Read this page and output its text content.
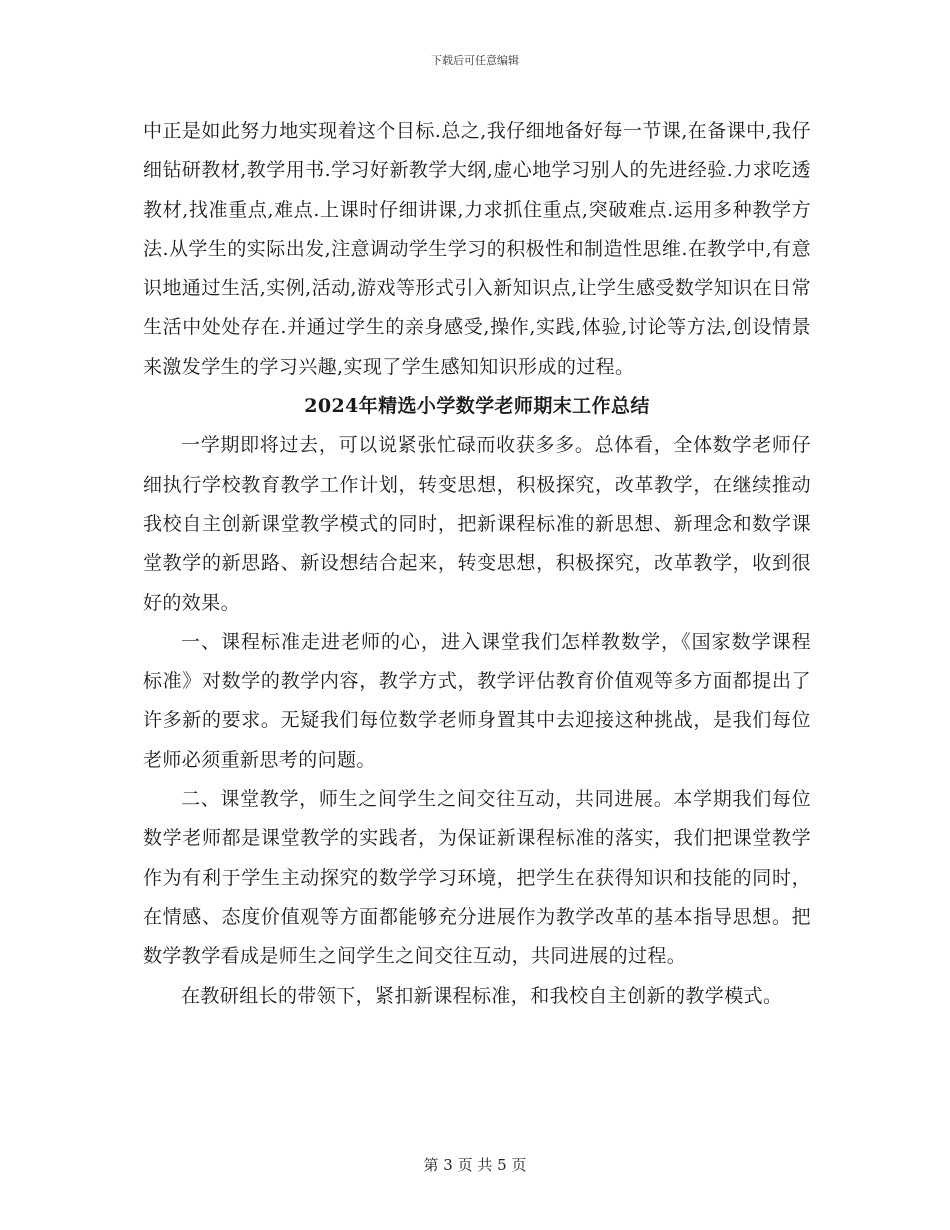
下载后可任意编辑

中正是如此努力地实现着这个目标.总之,我仔细地备好每一节课,在备课中,我仔细钻研教材,教学用书.学习好新教学大纲,虚心地学习别人的先进经验.力求吃透教材,找准重点,难点.上课时仔细讲课,力求抓住重点,突破难点.运用多种教学方法.从学生的实际出发,注意调动学生学习的积极性和制造性思维.在教学中,有意识地通过生活,实例,活动,游戏等形式引入新知识点,让学生感受数学知识在日常生活中处处存在.并通过学生的亲身感受,操作,实践,体验,讨论等方法,创设情景来激发学生的学习兴趣,实现了学生感知知识形成的过程。

2024年精选小学数学老师期末工作总结

一学期即将过去，可以说紧张忙碌而收获多多。总体看，全体数学老师仔细执行学校教育教学工作计划，转变思想，积极探究，改革教学，在继续推动我校自主创新课堂教学模式的同时，把新课程标准的新思想、新理念和数学课堂教学的新思路、新设想结合起来，转变思想，积极探究，改革教学，收到很好的效果。

一、课程标准走进老师的心，进入课堂我们怎样教数学，《国家数学课程标准》对数学的教学内容，教学方式，教学评估教育价值观等多方面都提出了许多新的要求。无疑我们每位数学老师身置其中去迎接这种挑战，是我们每位老师必须重新思考的问题。

二、课堂教学，师生之间学生之间交往互动，共同进展。本学期我们每位数学老师都是课堂教学的实践者，为保证新课程标准的落实，我们把课堂教学作为有利于学生主动探究的数学学习环境，把学生在获得知识和技能的同时，在情感、态度价值观等方面都能够充分进展作为教学改革的基本指导思想。把数学教学看成是师生之间学生之间交往互动，共同进展的过程。

在教研组长的带领下，紧扣新课程标准，和我校自主创新的教学模式。

第 3 页 共 5 页
